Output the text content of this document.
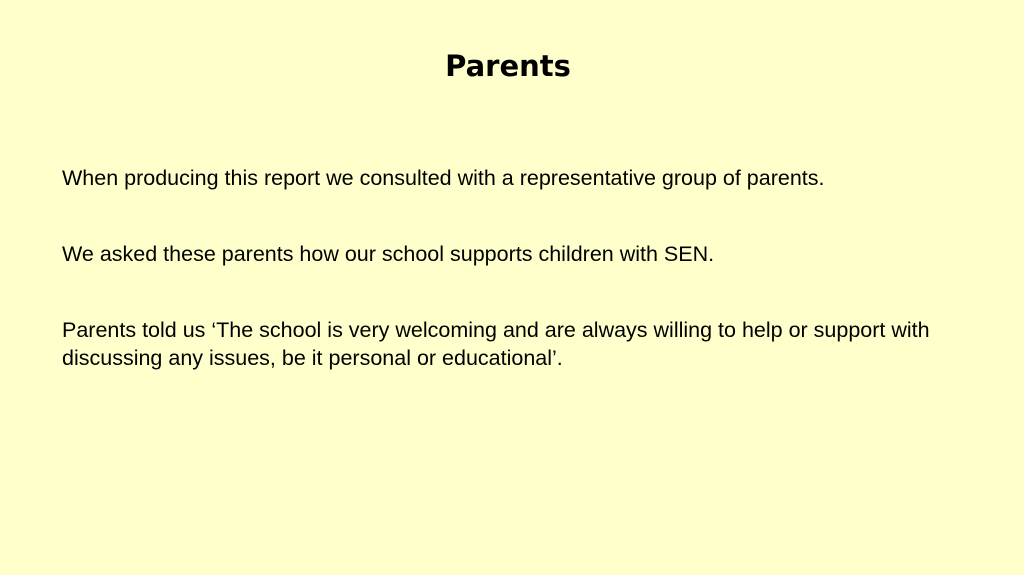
Parents

When producing this report we consulted with a representative group of parents.

We asked these parents how our school supports children with SEN.

Parents told us ‘The school is very welcoming and are always willing to help or support with discussing any issues, be it personal or educational’.
